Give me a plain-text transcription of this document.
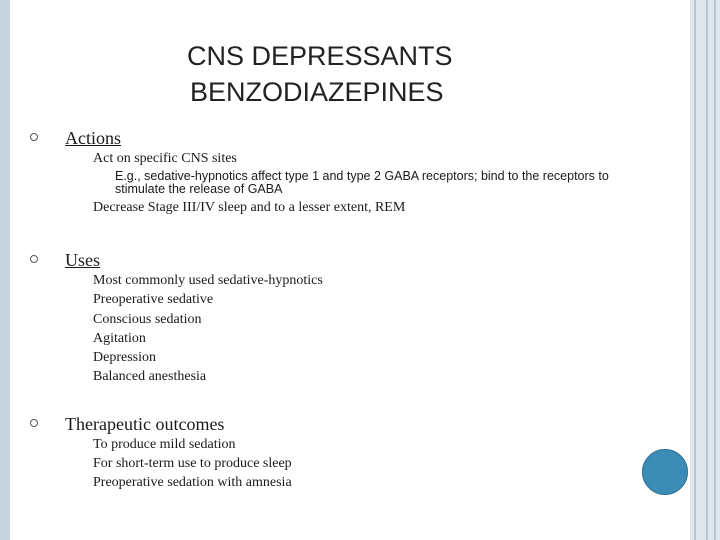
CNS DEPRESSANTS
BENZODIAZEPINES
Actions
Act on specific CNS sites
E.g., sedative-hypnotics affect type 1 and type 2 GABA receptors; bind to the receptors to stimulate the release of GABA
Decrease Stage III/IV sleep and to a lesser extent, REM
Uses
Most commonly used sedative-hypnotics
Preoperative sedative
Conscious sedation
Agitation
Depression
Balanced anesthesia
Therapeutic outcomes
To produce mild sedation
For short-term use to produce sleep
Preoperative sedation with amnesia
